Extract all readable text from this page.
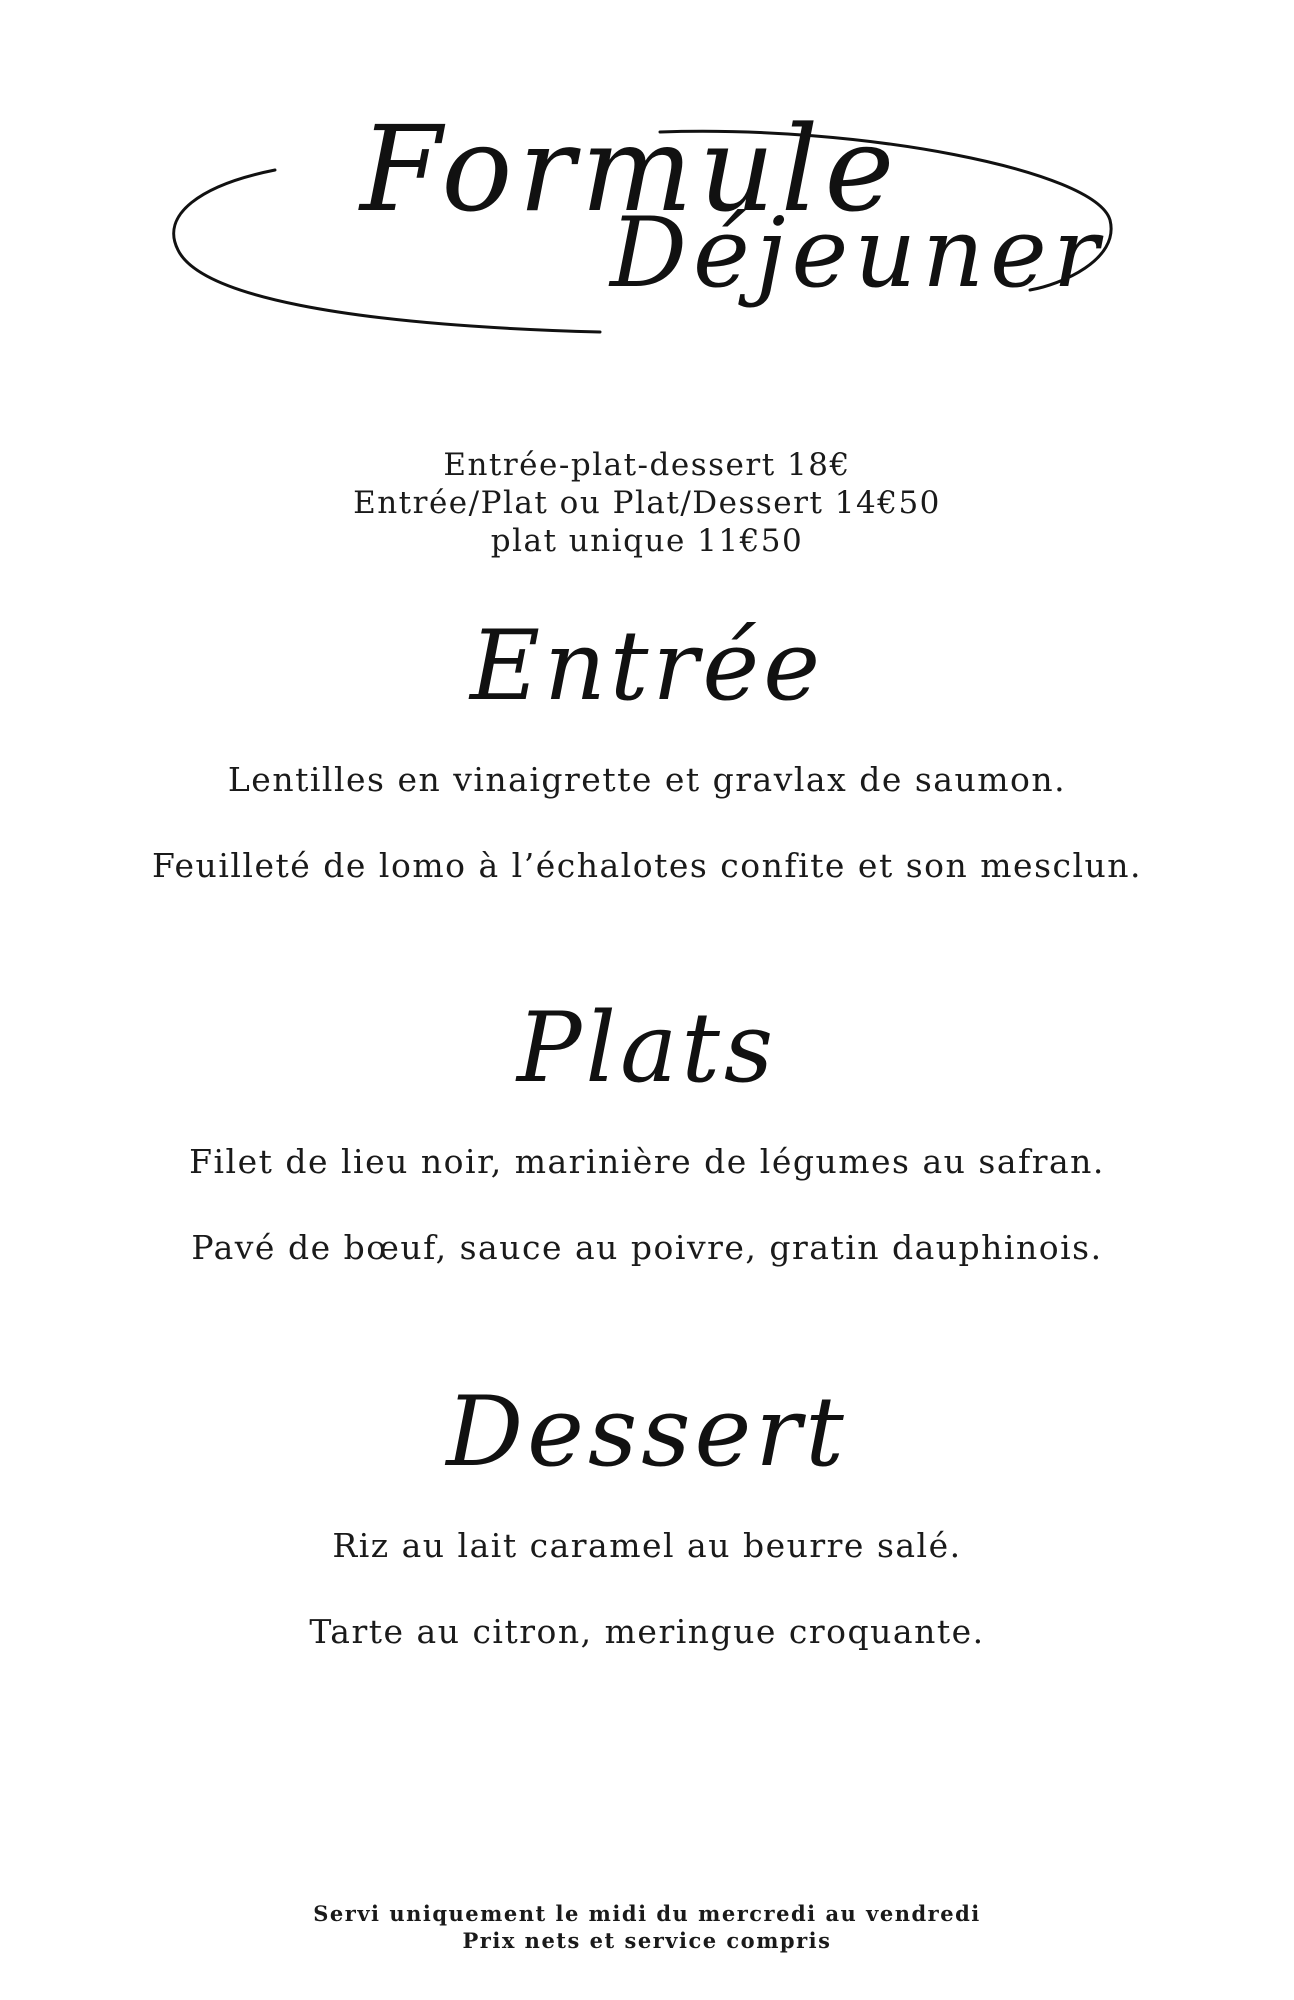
Formule
Déjeuner
Entrée-plat-dessert 18€
Entrée/Plat ou Plat/Dessert 14€50
plat unique 11€50
Entrée
Lentilles en vinaigrette et gravlax de saumon.
Feuilleté de lomo à l’échalotes confite et son mesclun.
Plats
Filet de lieu noir, marinière de légumes au safran.
Pavé de bœuf, sauce au poivre, gratin dauphinois.
Dessert
Riz au lait caramel au beurre salé.
Tarte au citron, meringue croquante.
Servi uniquement le midi du mercredi au vendredi
Prix nets et service compris
